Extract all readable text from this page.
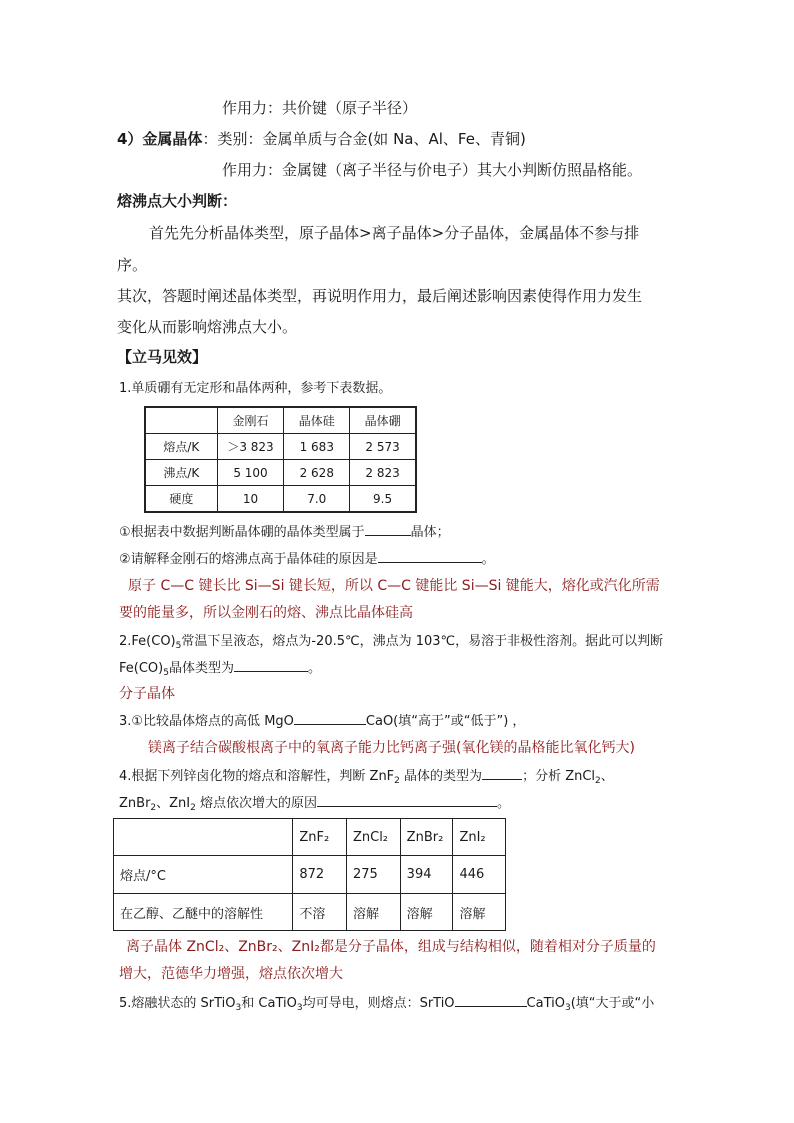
作用力：共价键（原子半径）
4）金属晶体：类别：金属单质与合金(如 Na、Al、Fe、青铜)
作用力：金属键（离子半径与价电子）其大小判断仿照晶格能。
熔沸点大小判断：
首先先分析晶体类型，原子晶体>离子晶体>分子晶体，金属晶体不参与排
序。
其次，答题时阐述晶体类型，再说明作用力，最后阐述影响因素使得作用力发生
变化从而影响熔沸点大小。
【立马见效】
1.单质硼有无定形和晶体两种，参考下表数据。
	金刚石	晶体硅	晶体硼
熔点/K	＞3 823	1 683	2 573
沸点/K	5 100	2 628	2 823
硬度	10	7.0	9.5
①根据表中数据判断晶体硼的晶体类型属于	晶体；
②请解释金刚石的熔沸点高于晶体硅的原因是	。
原子 C—C 键长比 Si—Si 键长短，所以 C—C 键能比 Si—Si 键能大，熔化或汽化所需
要的能量多，所以金刚石的熔、沸点比晶体硅高
$2.Fe(CO)_5$常温下呈液态，熔点为-20.5℃，沸点为 103℃，易溶于非极性溶剂。据此可以判断
$Fe(CO)_5$晶体类型为	。
分子晶体
3.①比较晶体熔点的高低 MgO	CaO(填“高于”或“低于”) ，
镁离子结合碳酸根离子中的氧离子能力比钙离子强(氧化镁的晶格能比氧化钙大)
4.根据下列锌卤化物的熔点和溶解性，判断 ZnF$_2$ 晶体的类型为	；分析 ZnCl$_2$、
ZnBr$_2$、ZnI$_2$ 熔点依次增大的原因	。
	ZnF₂	ZnCl₂	ZnBr₂	ZnI₂
熔点/°C	872	275	394	446
在乙醇、乙醚中的溶解性	不溶	溶解	溶解	溶解
离子晶体 ZnCl₂、ZnBr₂、ZnI₂都是分子晶体，组成与结构相似，随着相对分子质量的
增大，范德华力增强，熔点依次增大
5.熔融状态的 SrTiO$_3$和 CaTiO$_3$均可导电，则熔点：SrTiO	CaTiO$_3$(填“大于或“小
